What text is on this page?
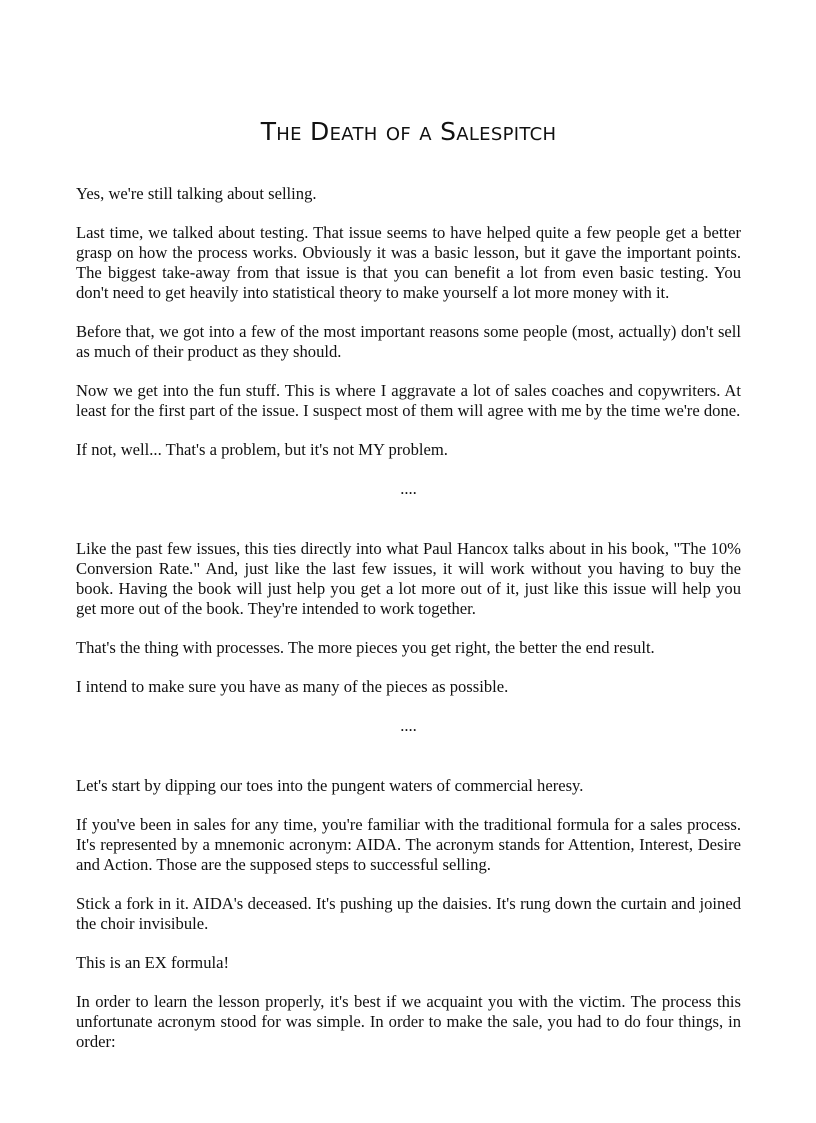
The Death of a Salespitch

Yes, we're still talking about selling.

Last time, we talked about testing. That issue seems to have helped quite a few people get a better grasp on how the process works. Obviously it was a basic lesson, but it gave the important points. The biggest take-away from that issue is that you can benefit a lot from even basic testing. You don't need to get heavily into statistical theory to make yourself a lot more money with it.

Before that, we got into a few of the most important reasons some people (most, actually) don't sell as much of their product as they should.

Now we get into the fun stuff. This is where I aggravate a lot of sales coaches and copywriters. At least for the first part of the issue. I suspect most of them will agree with me by the time we're done.

If not, well... That's a problem, but it's not MY problem.

....

Like the past few issues, this ties directly into what Paul Hancox talks about in his book, "The 10% Conversion Rate." And, just like the last few issues, it will work without you having to buy the book. Having the book will just help you get a lot more out of it, just like this issue will help you get more out of the book. They're intended to work together.

That's the thing with processes. The more pieces you get right, the better the end result.

I intend to make sure you have as many of the pieces as possible.

....

Let's start by dipping our toes into the pungent waters of commercial heresy.

If you've been in sales for any time, you're familiar with the traditional formula for a sales process. It's represented by a mnemonic acronym: AIDA. The acronym stands for Attention, Interest, Desire and Action. Those are the supposed steps to successful selling.

Stick a fork in it. AIDA's deceased. It's pushing up the daisies. It's rung down the curtain and joined the choir invisibule.

This is an EX formula!

In order to learn the lesson properly, it's best if we acquaint you with the victim. The process this unfortunate acronym stood for was simple. In order to make the sale, you had to do four things, in order:
